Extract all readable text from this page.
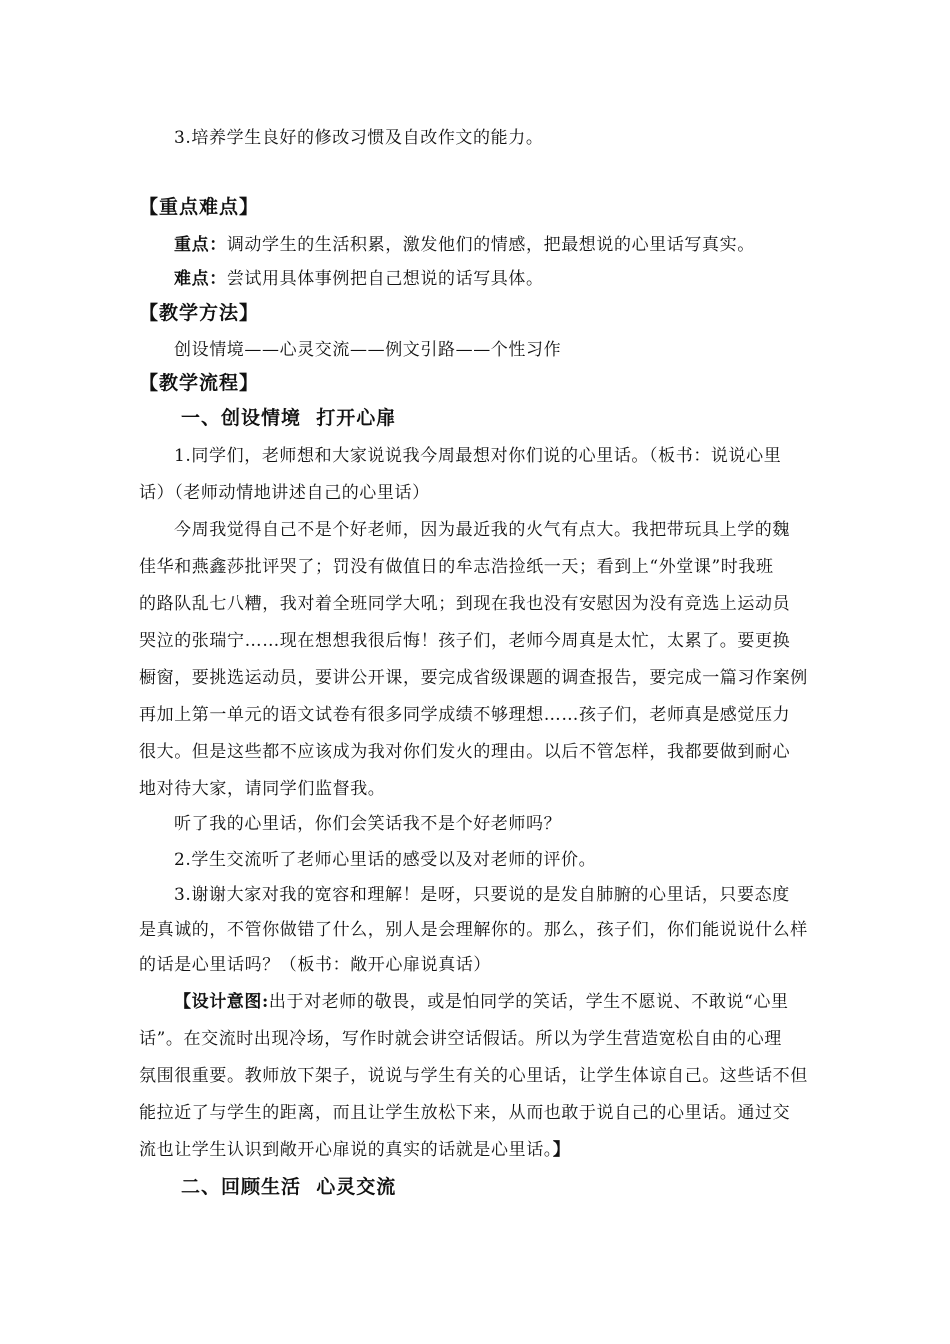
3.培养学生良好的修改习惯及自改作文的能力。
【重点难点】
重点：调动学生的生活积累，激发他们的情感，把最想说的心里话写真实。
难点：尝试用具体事例把自己想说的话写具体。
【教学方法】
创设情境——心灵交流——例文引路——个性习作
【教学流程】
一、创设情境  打开心扉
1.同学们，老师想和大家说说我今周最想对你们说的心里话。（板书：说说心里
话）（老师动情地讲述自己的心里话）
今周我觉得自己不是个好老师，因为最近我的火气有点大。我把带玩具上学的魏
佳华和燕鑫莎批评哭了；罚没有做值日的牟志浩捡纸一天；看到上“外堂课”时我班
的路队乱七八糟，我对着全班同学大吼；到现在我也没有安慰因为没有竞选上运动员
哭泣的张瑞宁……现在想想我很后悔！孩子们，老师今周真是太忙，太累了。要更换
橱窗，要挑选运动员，要讲公开课，要完成省级课题的调查报告，要完成一篇习作案例
再加上第一单元的语文试卷有很多同学成绩不够理想……孩子们，老师真是感觉压力
很大。但是这些都不应该成为我对你们发火的理由。以后不管怎样，我都要做到耐心
地对待大家，请同学们监督我。
听了我的心里话，你们会笑话我不是个好老师吗？
2.学生交流听了老师心里话的感受以及对老师的评价。
3.谢谢大家对我的宽容和理解！是呀，只要说的是发自肺腑的心里话，只要态度
是真诚的，不管你做错了什么，别人是会理解你的。那么，孩子们，你们能说说什么样
的话是心里话吗？（板书：敞开心扉说真话）
【设计意图:出于对老师的敬畏，或是怕同学的笑话，学生不愿说、不敢说“心里
话”。在交流时出现冷场，写作时就会讲空话假话。所以为学生营造宽松自由的心理
氛围很重要。教师放下架子，说说与学生有关的心里话，让学生体谅自己。这些话不但
能拉近了与学生的距离，而且让学生放松下来，从而也敢于说自己的心里话。通过交
流也让学生认识到敞开心扉说的真实的话就是心里话。】
二、回顾生活  心灵交流
